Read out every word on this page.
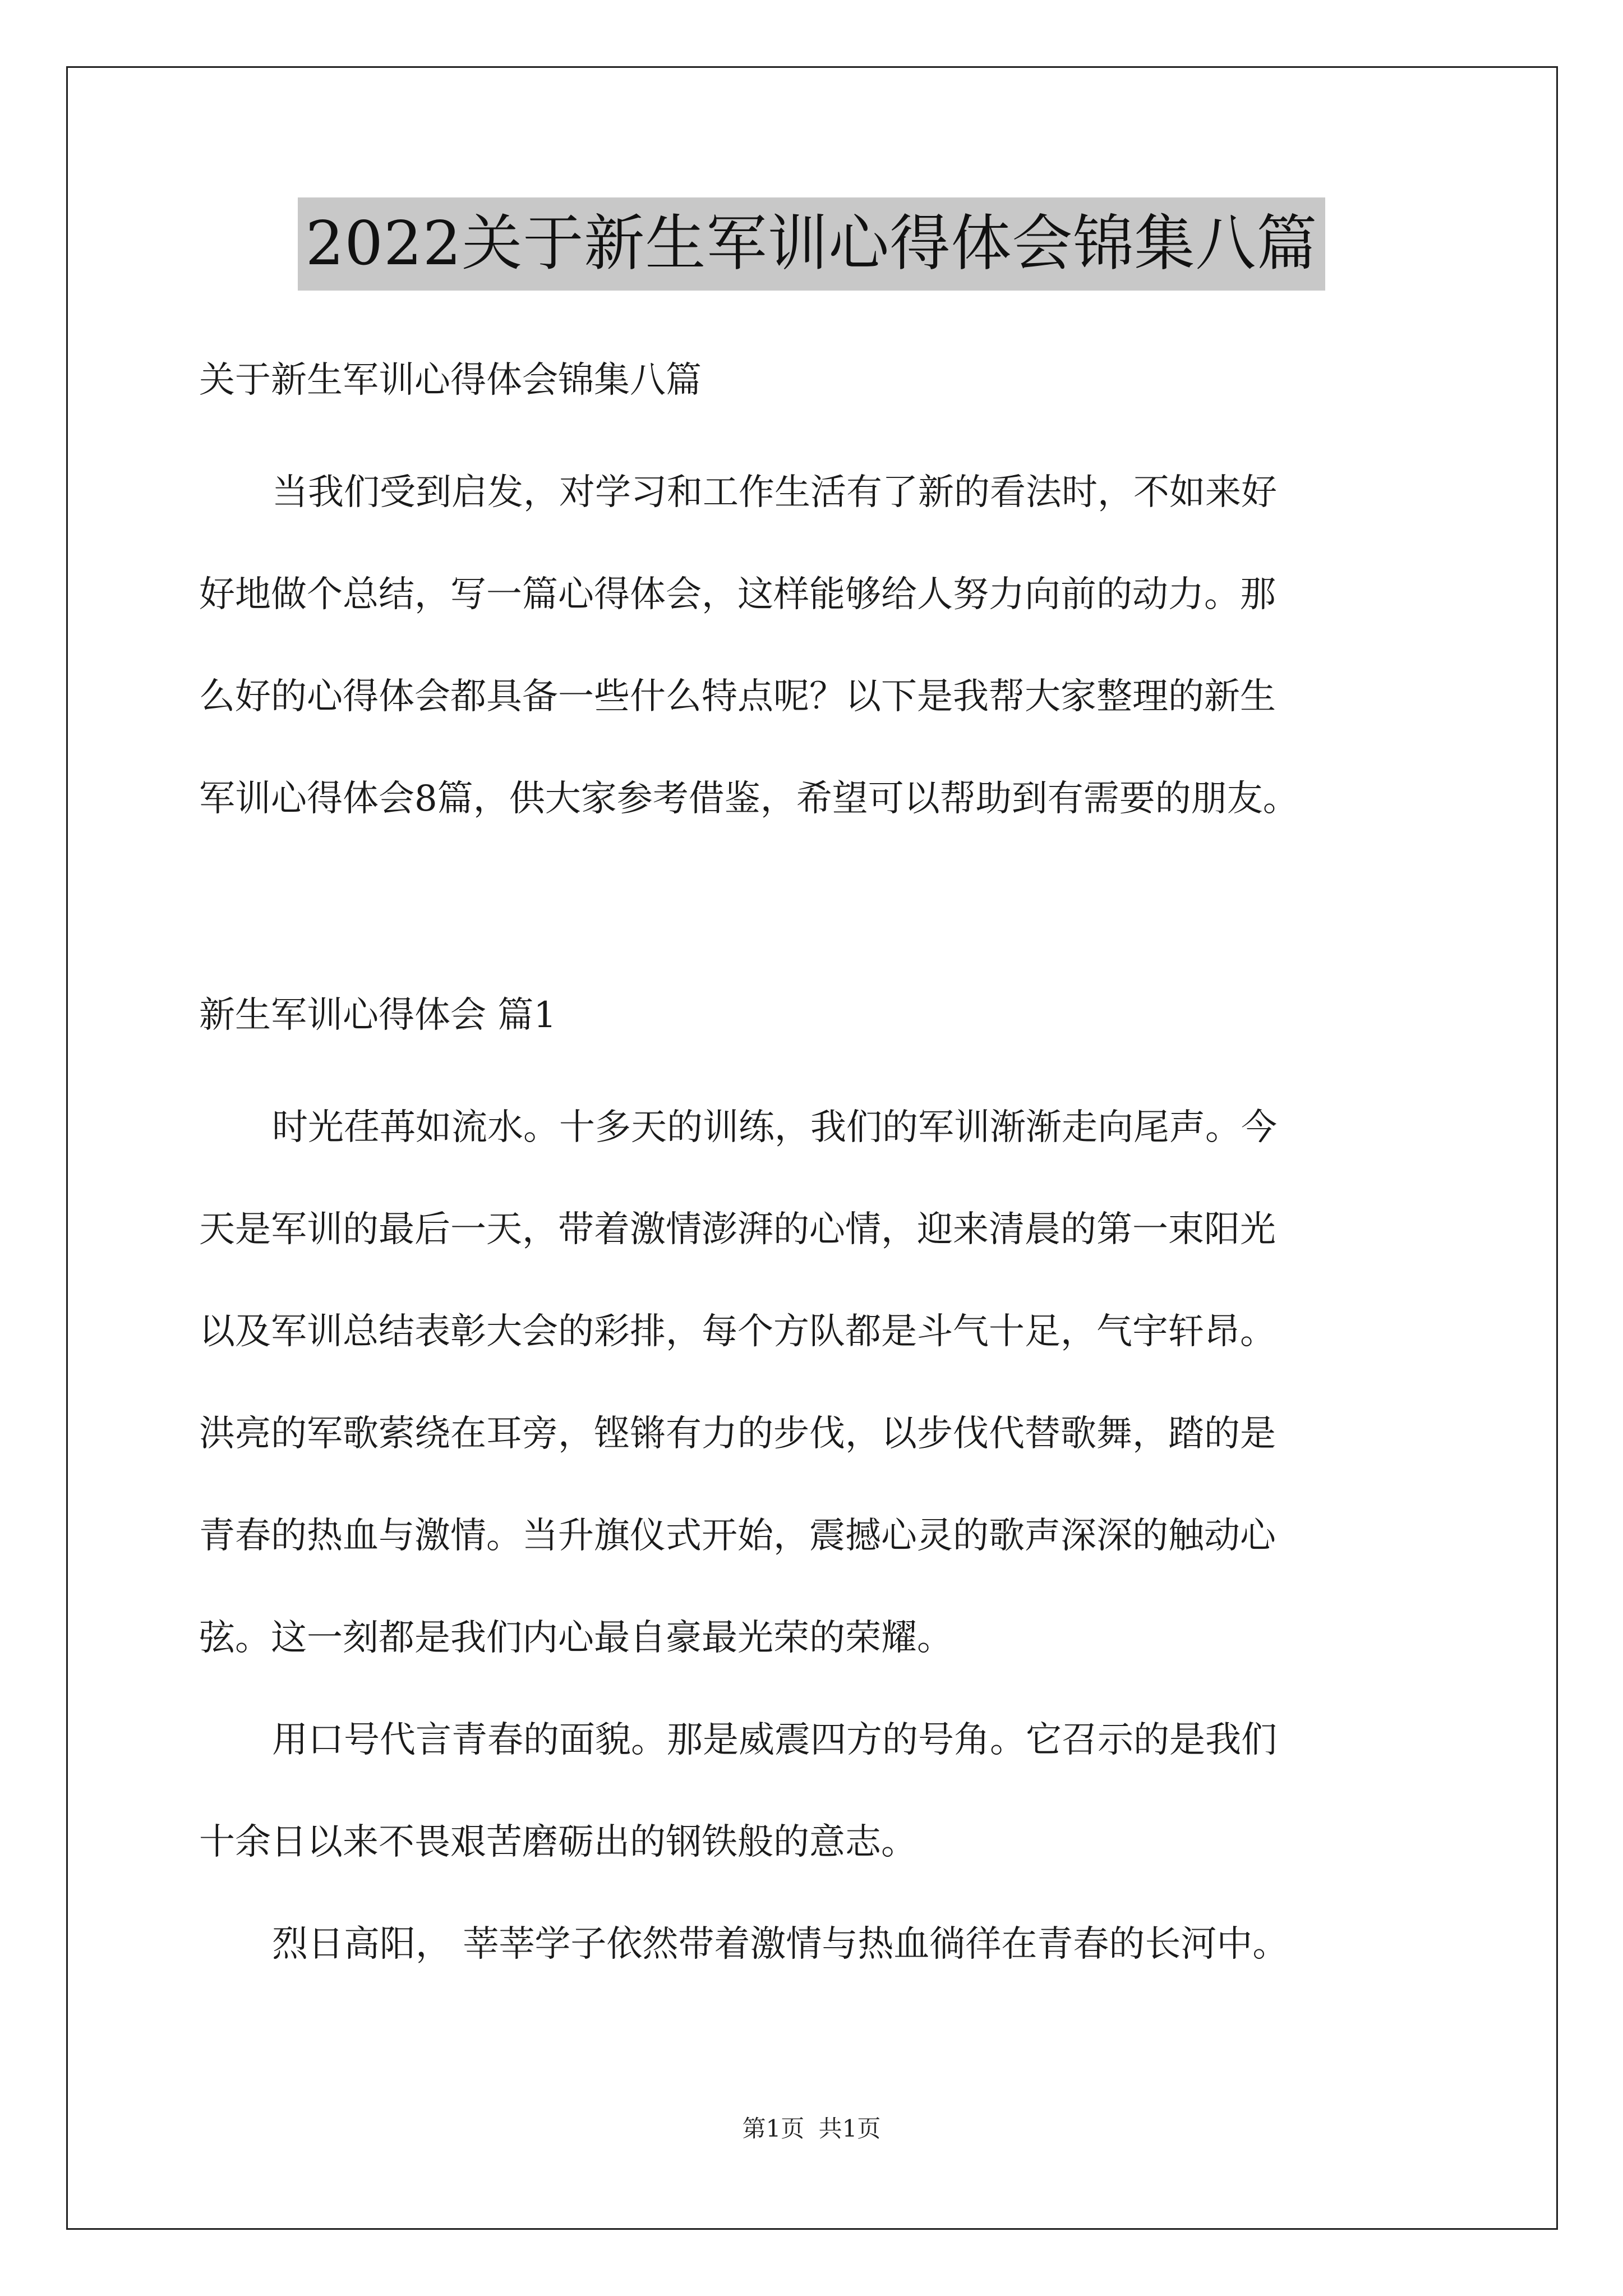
2022关于新生军训心得体会锦集八篇

关于新生军训心得体会锦集八篇

当我们受到启发，对学习和工作生活有了新的看法时，不如来好

好地做个总结，写一篇心得体会，这样能够给人努力向前的动力。那

么好的心得体会都具备一些什么特点呢？以下是我帮大家整理的新生

军训心得体会8篇，供大家参考借鉴，希望可以帮助到有需要的朋友。

新生军训心得体会 篇1

时光荏苒如流水。十多天的训练，我们的军训渐渐走向尾声。今

天是军训的最后一天，带着激情澎湃的心情，迎来清晨的第一束阳光

以及军训总结表彰大会的彩排，每个方队都是斗气十足，气宇轩昂。

洪亮的军歌萦绕在耳旁，铿锵有力的步伐，以步伐代替歌舞，踏的是

青春的热血与激情。当升旗仪式开始，震撼心灵的歌声深深的触动心

弦。这一刻都是我们内心最自豪最光荣的荣耀。

用口号代言青春的面貌。那是威震四方的号角。它召示的是我们

十余日以来不畏艰苦磨砺出的钢铁般的意志。

烈日高阳， 莘莘学子依然带着激情与热血徜徉在青春的长河中。

第1页 共1页
